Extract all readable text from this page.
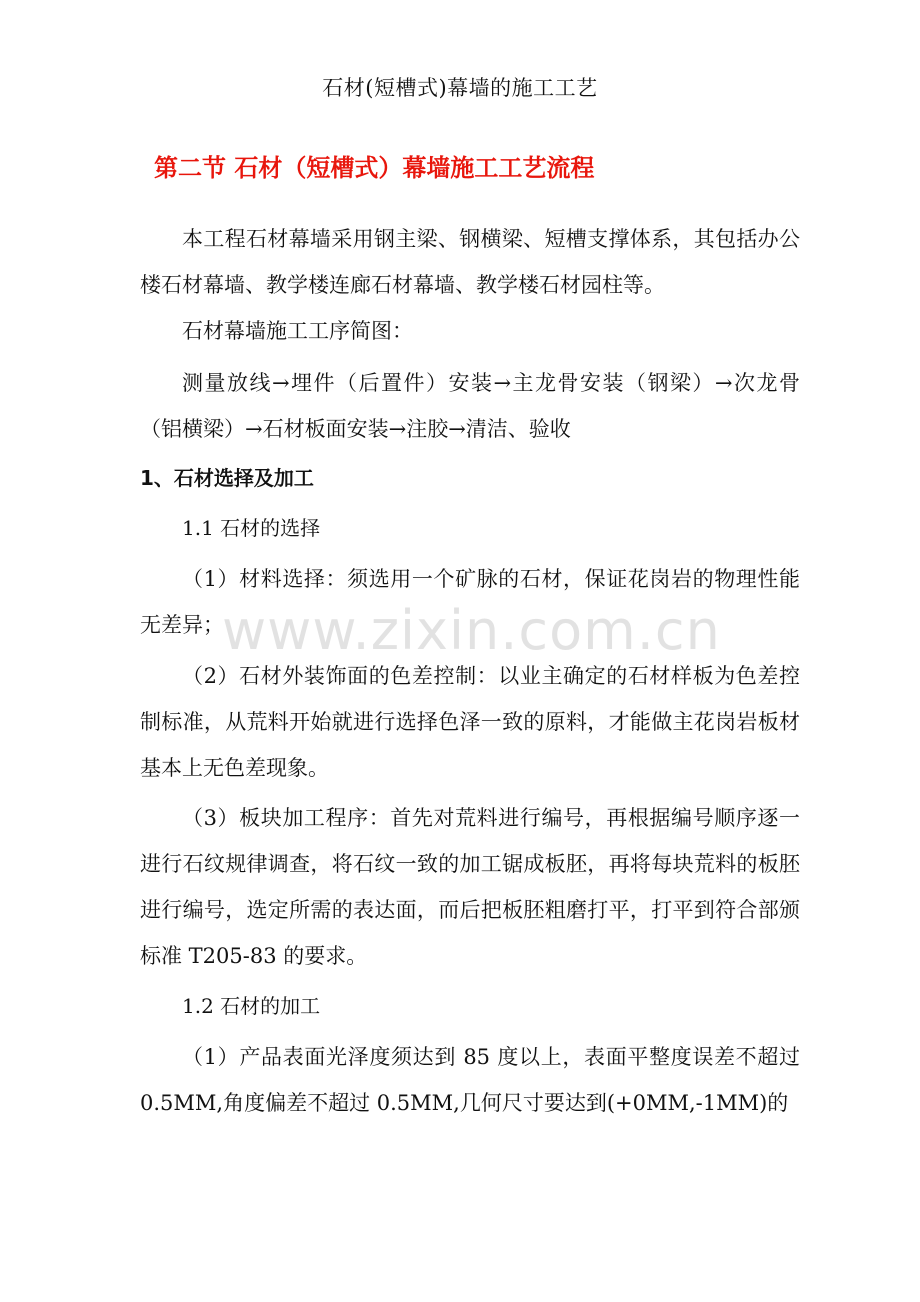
石材(短槽式)幕墙的施工工艺
第二节 石材（短槽式）幕墙施工工艺流程

本工程石材幕墙采用钢主梁、钢横梁、短槽支撑体系，其包括办公楼石材幕墙、教学楼连廊石材幕墙、教学楼石材园柱等。

石材幕墙施工工序简图：

测量放线→埋件（后置件）安装→主龙骨安装（钢梁）→次龙骨（铝横梁）→石材板面安装→注胶→清洁、验收

1、石材选择及加工
1.1 石材的选择

（1）材料选择：须选用一个矿脉的石材，保证花岗岩的物理性能无差异；

（2）石材外装饰面的色差控制：以业主确定的石材样板为色差控制标准，从荒料开始就进行选择色泽一致的原料，才能做主花岗岩板材基本上无色差现象。

（3）板块加工程序：首先对荒料进行编号，再根据编号顺序逐一进行石纹规律调查，将石纹一致的加工锯成板胚，再将每块荒料的板胚进行编号，选定所需的表达面，而后把板胚粗磨打平，打平到符合部颁标准 T205-83 的要求。

1.2 石材的加工

（1）产品表面光泽度须达到 85 度以上，表面平整度误差不超过 0.5MM,角度偏差不超过 0.5MM,几何尺寸要达到(+0MM,-1MM)的

www.zixin.com.cn
